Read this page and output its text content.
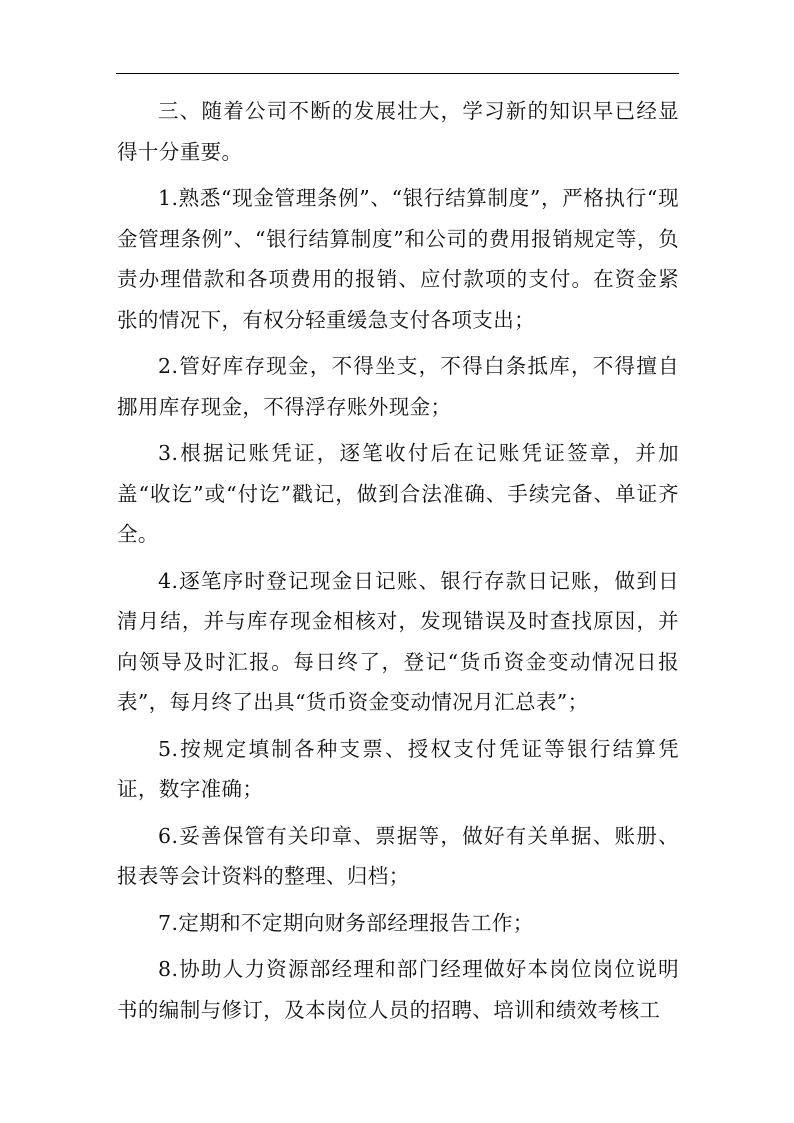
三、随着公司不断的发展壮大，学习新的知识早已经显得十分重要。

1.熟悉“现金管理条例”、“银行结算制度”，严格执行“现金管理条例”、“银行结算制度”和公司的费用报销规定等，负责办理借款和各项费用的报销、应付款项的支付。在资金紧张的情况下，有权分轻重缓急支付各项支出；

2.管好库存现金，不得坐支，不得白条抵库，不得擅自挪用库存现金，不得浮存账外现金；

3.根据记账凭证，逐笔收付后在记账凭证签章，并加盖“收讫”或“付讫”戳记，做到合法准确、手续完备、单证齐全。

4.逐笔序时登记现金日记账、银行存款日记账，做到日清月结，并与库存现金相核对，发现错误及时查找原因，并向领导及时汇报。每日终了，登记“货币资金变动情况日报表”，每月终了出具“货币资金变动情况月汇总表”；

5.按规定填制各种支票、授权支付凭证等银行结算凭证，数字准确；

6.妥善保管有关印章、票据等，做好有关单据、账册、报表等会计资料的整理、归档；

7.定期和不定期向财务部经理报告工作；

8.协助人力资源部经理和部门经理做好本岗位岗位说明书的编制与修订，及本岗位人员的招聘、培训和绩效考核工
